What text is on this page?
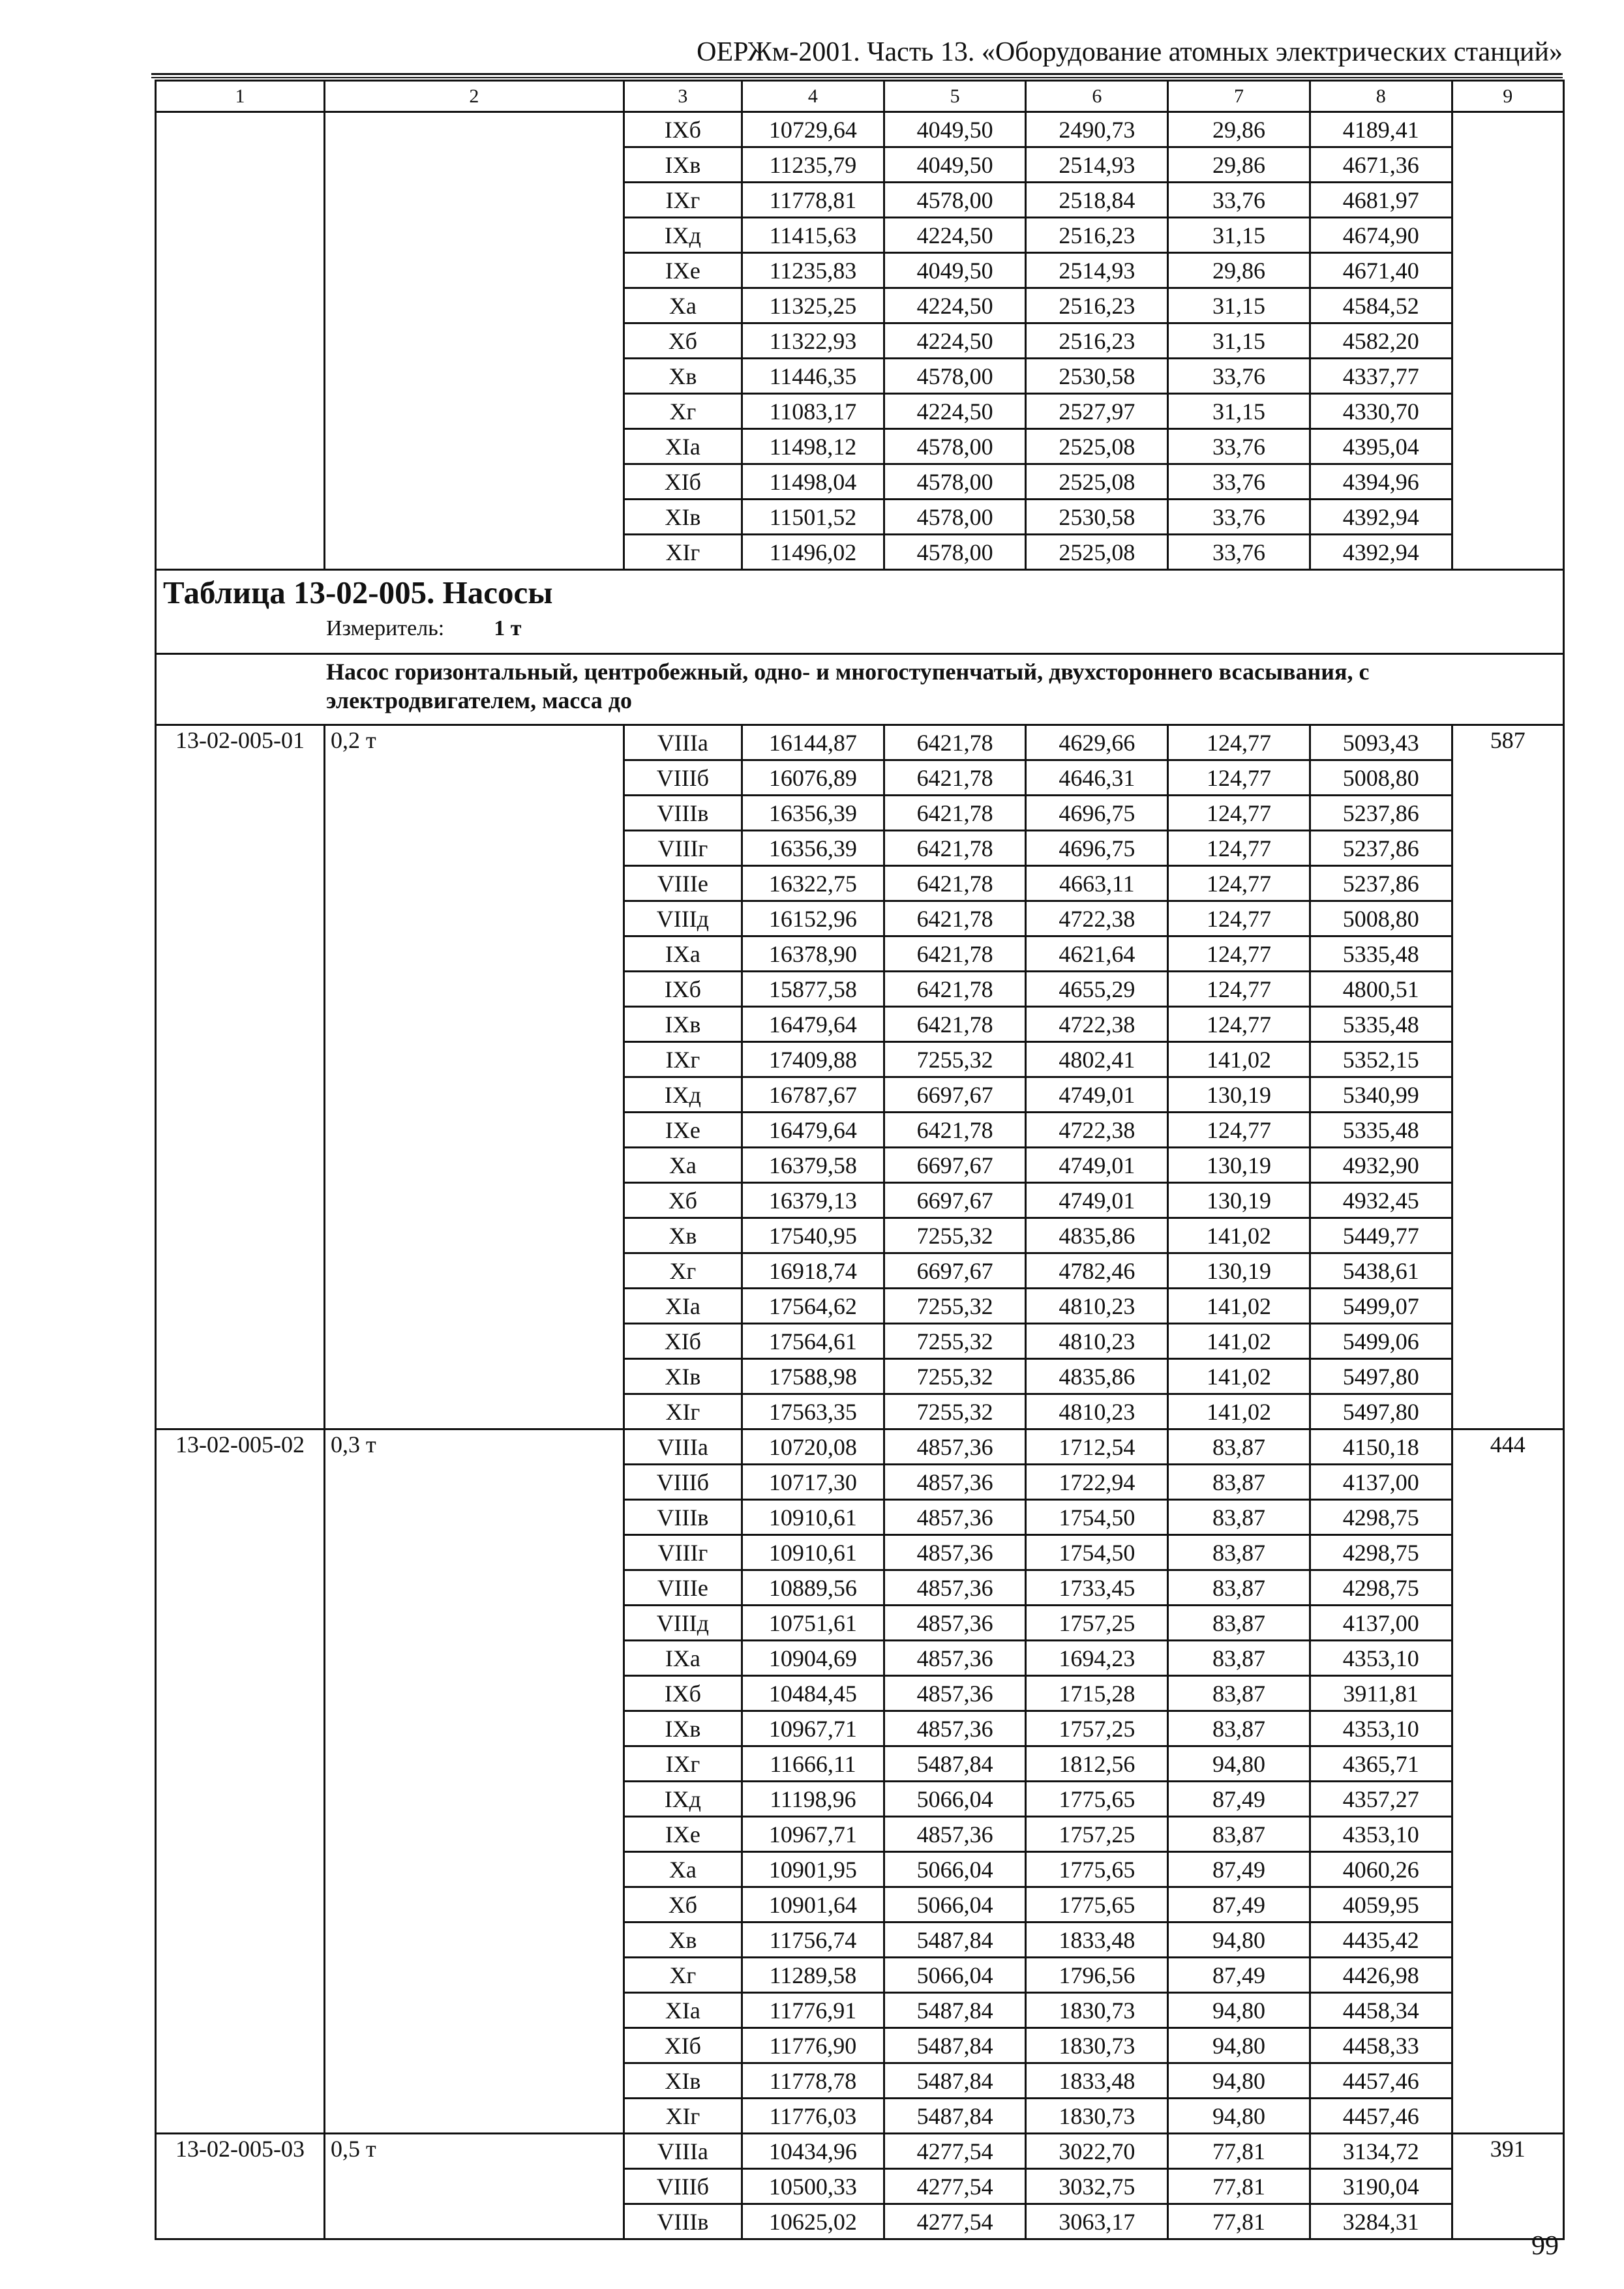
ОЕРЖм-2001. Часть 13. «Оборудование атомных электрических станций»
1	2	3	4	5	6	7	8	9
		IXб	10729,64	4049,50	2490,73	29,86	4189,41	
		IXв	11235,79	4049,50	2514,93	29,86	4671,36	
		IXг	11778,81	4578,00	2518,84	33,76	4681,97	
		IXд	11415,63	4224,50	2516,23	31,15	4674,90	
		IXe	11235,83	4049,50	2514,93	29,86	4671,40	
		Xа	11325,25	4224,50	2516,23	31,15	4584,52	
		Xб	11322,93	4224,50	2516,23	31,15	4582,20	
		Xв	11446,35	4578,00	2530,58	33,76	4337,77	
		Xг	11083,17	4224,50	2527,97	31,15	4330,70	
		XIа	11498,12	4578,00	2525,08	33,76	4395,04	
		XIб	11498,04	4578,00	2525,08	33,76	4394,96	
		XIв	11501,52	4578,00	2530,58	33,76	4392,94	
		XIг	11496,02	4578,00	2525,08	33,76	4392,94	

Таблица 13-02-005. Насосы
Измеритель: 1 т								

Насос горизонтальный, центробежный, одно- и многоступенчатый, двухстороннего всасывания, с электродвигателем, масса до								
13-02-005-01	0,2 т	VIIIа	16144,87	6421,78	4629,66	124,77	5093,43	587
		VIIIб	16076,89	6421,78	4646,31	124,77	5008,80	
		VIIIв	16356,39	6421,78	4696,75	124,77	5237,86	
		VIIIг	16356,39	6421,78	4696,75	124,77	5237,86	
		VIIIe	16322,75	6421,78	4663,11	124,77	5237,86	
		VIIIд	16152,96	6421,78	4722,38	124,77	5008,80	
		IXа	16378,90	6421,78	4621,64	124,77	5335,48	
		IXб	15877,58	6421,78	4655,29	124,77	4800,51	
		IXв	16479,64	6421,78	4722,38	124,77	5335,48	
		IXг	17409,88	7255,32	4802,41	141,02	5352,15	
		IXд	16787,67	6697,67	4749,01	130,19	5340,99	
		IXe	16479,64	6421,78	4722,38	124,77	5335,48	
		Xа	16379,58	6697,67	4749,01	130,19	4932,90	
		Xб	16379,13	6697,67	4749,01	130,19	4932,45	
		Xв	17540,95	7255,32	4835,86	141,02	5449,77	
		Xг	16918,74	6697,67	4782,46	130,19	5438,61	
		XIа	17564,62	7255,32	4810,23	141,02	5499,07	
		XIб	17564,61	7255,32	4810,23	141,02	5499,06	
		XIв	17588,98	7255,32	4835,86	141,02	5497,80	
		XIг	17563,35	7255,32	4810,23	141,02	5497,80	
13-02-005-02	0,3 т	VIIIа	10720,08	4857,36	1712,54	83,87	4150,18	444
		VIIIб	10717,30	4857,36	1722,94	83,87	4137,00	
		VIIIв	10910,61	4857,36	1754,50	83,87	4298,75	
		VIIIг	10910,61	4857,36	1754,50	83,87	4298,75	
		VIIIe	10889,56	4857,36	1733,45	83,87	4298,75	
		VIIIд	10751,61	4857,36	1757,25	83,87	4137,00	
		IXа	10904,69	4857,36	1694,23	83,87	4353,10	
		IXб	10484,45	4857,36	1715,28	83,87	3911,81	
		IXв	10967,71	4857,36	1757,25	83,87	4353,10	
		IXг	11666,11	5487,84	1812,56	94,80	4365,71	
		IXд	11198,96	5066,04	1775,65	87,49	4357,27	
		IXe	10967,71	4857,36	1757,25	83,87	4353,10	
		Xа	10901,95	5066,04	1775,65	87,49	4060,26	
		Xб	10901,64	5066,04	1775,65	87,49	4059,95	
		Xв	11756,74	5487,84	1833,48	94,80	4435,42	
		Xг	11289,58	5066,04	1796,56	87,49	4426,98	
		XIа	11776,91	5487,84	1830,73	94,80	4458,34	
		XIб	11776,90	5487,84	1830,73	94,80	4458,33	
		XIв	11778,78	5487,84	1833,48	94,80	4457,46	
		XIг	11776,03	5487,84	1830,73	94,80	4457,46	
13-02-005-03	0,5 т	VIIIа	10434,96	4277,54	3022,70	77,81	3134,72	391
		VIIIб	10500,33	4277,54	3032,75	77,81	3190,04	
		VIIIв	10625,02	4277,54	3063,17	77,81	3284,31	
99
